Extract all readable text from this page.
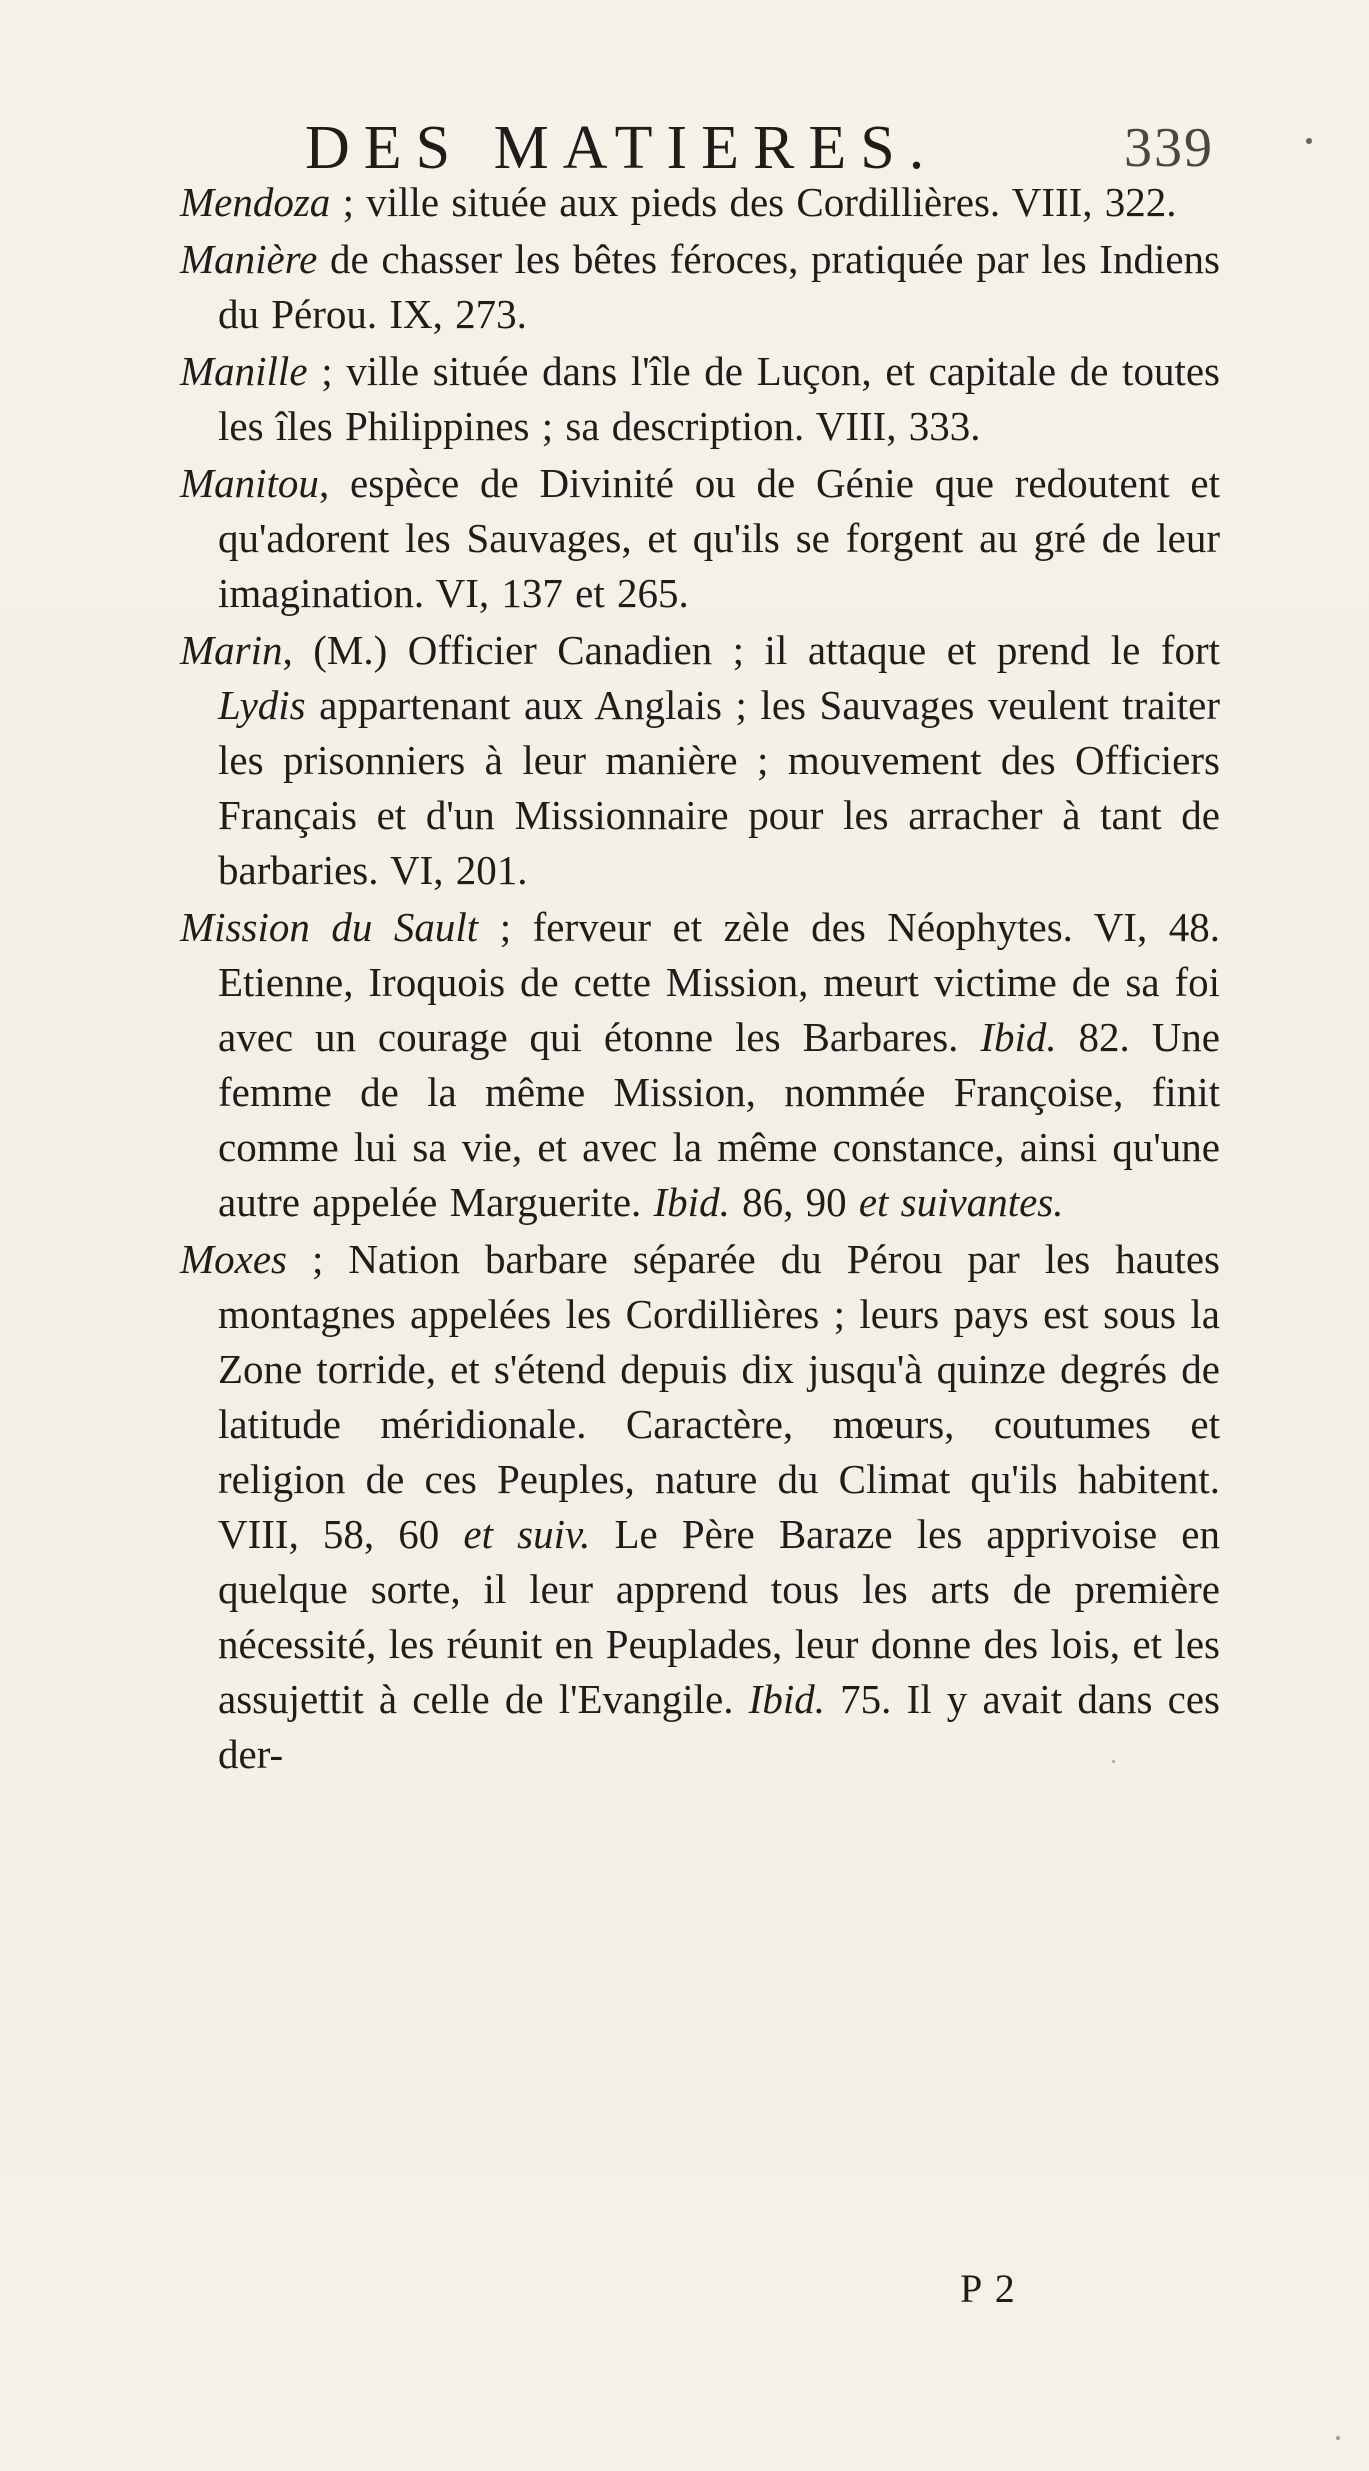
DES MATIERES.	339

Mendoza ; ville située aux pieds des Cordillières. VIII, 322.

Manière de chasser les bêtes féroces, pratiquée par les Indiens du Pérou. IX, 273.

Manille ; ville située dans l'île de Luçon, et capitale de toutes les îles Philippines ; sa description. VIII, 333.

Manitou, espèce de Divinité ou de Génie que redoutent et qu'adorent les Sauvages, et qu'ils se forgent au gré de leur imagination. VI, 137 et 265.

Marin, (M.) Officier Canadien ; il attaque et prend le fort Lydis appartenant aux Anglais ; les Sauvages veulent traiter les prisonniers à leur manière ; mouvement des Officiers Français et d'un Missionnaire pour les arracher à tant de barbaries. VI, 201.

Mission du Sault ; ferveur et zèle des Néophytes. VI, 48. Etienne, Iroquois de cette Mission, meurt victime de sa foi avec un courage qui étonne les Barbares. Ibid. 82. Une femme de la même Mission, nommée Françoise, finit comme lui sa vie, et avec la même constance, ainsi qu'une autre appelée Marguerite. Ibid. 86, 90 et suivantes.

Moxes ; Nation barbare séparée du Pérou par les hautes montagnes appelées les Cordillières ; leurs pays est sous la Zone torride, et s'étend depuis dix jusqu'à quinze degrés de latitude méridionale. Caractère, mœurs, coutumes et religion de ces Peuples, nature du Climat qu'ils habitent. VIII, 58, 60 et suiv. Le Père Baraze les apprivoise en quelque sorte, il leur apprend tous les arts de première nécessité, les réunit en Peuplades, leur donne des lois, et les assujettit à celle de l'Evangile. Ibid. 75. Il y avait dans ces der-

P 2
